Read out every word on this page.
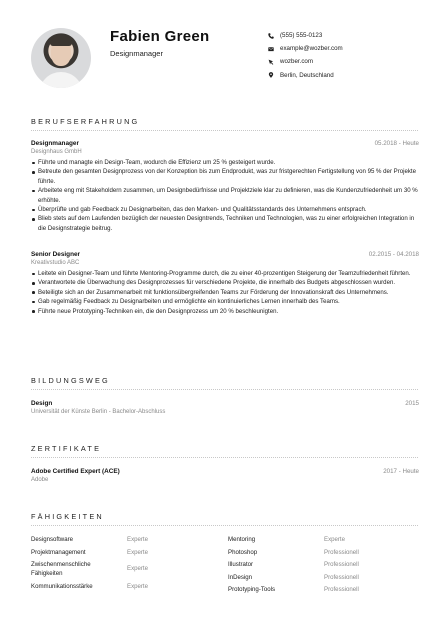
Fabien Green
Designmanager
(555) 555-0123
example@wozber.com
wozber.com
Berlin, Deutschland
BERUFSERFAHRUNG
Designmanager
Designhaus GmbH
05.2018 - Heute
Führte und managte ein Design-Team, wodurch die Effizienz um 25 % gesteigert wurde.
Betreute den gesamten Designprozess von der Konzeption bis zum Endprodukt, was zur fristgerechten Fertigstellung von 95 % der Projekte führte.
Arbeitete eng mit Stakeholdern zusammen, um Designbedürfnisse und Projektziele klar zu definieren, was die Kundenzufriedenheit um 30 % erhöhte.
Überprüfte und gab Feedback zu Designarbeiten, das den Marken- und Qualitätsstandards des Unternehmens entsprach.
Blieb stets auf dem Laufenden bezüglich der neuesten Designtrends, Techniken und Technologien, was zu einer erfolgreichen Integration in die Designstrategie beitrug.
Senior Designer
Kreativstudio ABC
02.2015 - 04.2018
Leitete ein Designer-Team und führte Mentoring-Programme durch, die zu einer 40-prozentigen Steigerung der Teamzufriedenheit führten.
Verantwortete die Überwachung des Designprozesses für verschiedene Projekte, die innerhalb des Budgets abgeschlossen wurden.
Beteiligte sich an der Zusammenarbeit mit funktionsübergreifenden Teams zur Förderung der Innovationskraft des Unternehmens.
Gab regelmäßig Feedback zu Designarbeiten und ermöglichte ein kontinuierliches Lernen innerhalb des Teams.
Führte neue Prototyping-Techniken ein, die den Designprozess um 20 % beschleunigten.
BILDUNGSWEG
Design
Universität der Künste Berlin - Bachelor-Abschluss
2015
ZERTIFIKATE
Adobe Certified Expert (ACE)
Adobe
2017 - Heute
FÄHIGKEITEN
Designsoftware	Experte
Projektmanagement	Experte
Zwischenmenschliche Fähigkeiten
Experte
Kommunikationsstärke	Experte
Mentoring	Experte
Photoshop	Professionell
Illustrator	Professionell
InDesign	Professionell
Prototyping-Tools	Professionell
